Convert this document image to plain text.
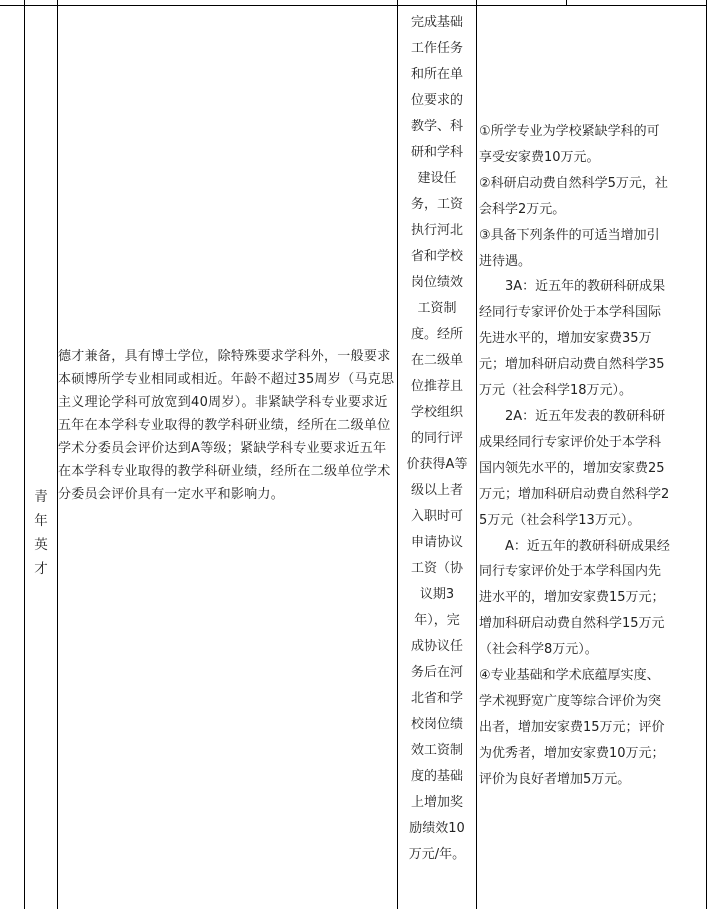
青
年
英
才
德才兼备，具有博士学位，除特殊要求学科外，一般要求本硕博所学专业相同或相近。年龄不超过35周岁（马克思主义理论学科可放宽到40周岁）。非紧缺学科专业要求近五年在本学科专业取得的教学科研业绩，经所在二级单位学术分委员会评价达到A等级；紧缺学科专业要求近五年在本学科专业取得的教学科研业绩，经所在二级单位学术分委员会评价具有一定水平和影响力。
完成基础
工作任务
和所在单
位要求的
教学、科
研和学科
建设任
务，工资
执行河北
省和学校
岗位绩效
工资制
度。经所
在二级单
位推荐且
学校组织
的同行评
价获得A等
级以上者
入职时可
申请协议
工资（协
议期3
年），完
成协议任
务后在河
北省和学
校岗位绩
效工资制
度的基础
上增加奖
励绩效10
万元/年。
①所学专业为学校紧缺学科的可
享受安家费10万元。
②科研启动费自然科学5万元，社
会科学2万元。
③具备下列条件的可适当增加引
进待遇。
　　3A：近五年的教研科研成果
经同行专家评价处于本学科国际
先进水平的，增加安家费35万
元；增加科研启动费自然科学35
万元（社会科学18万元）。
　　2A：近五年发表的教研科研
成果经同行专家评价处于本学科
国内领先水平的，增加安家费25
万元；增加科研启动费自然科学2
5万元（社会科学13万元）。
　　A：近五年的教研科研成果经
同行专家评价处于本学科国内先
进水平的，增加安家费15万元；
增加科研启动费自然科学15万元
（社会科学8万元）。
④专业基础和学术底蕴厚实度、
学术视野宽广度等综合评价为突
出者，增加安家费15万元；评价
为优秀者，增加安家费10万元；
评价为良好者增加5万元。
